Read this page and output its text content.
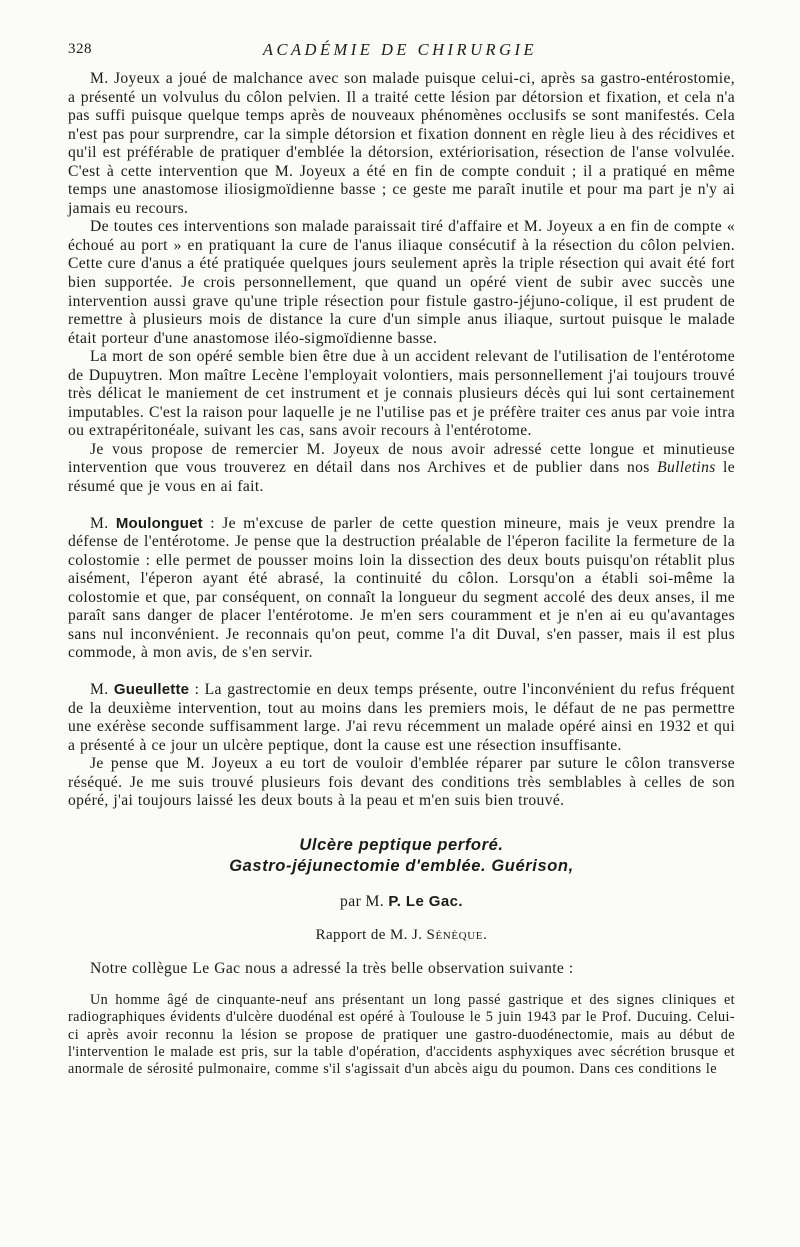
328	ACADÉMIE DE CHIRURGIE

M. Joyeux a joué de malchance avec son malade puisque celui-ci, après sa gastro-entérostomie, a présenté un volvulus du côlon pelvien. Il a traité cette lésion par détorsion et fixation, et cela n'a pas suffi puisque quelque temps après de nouveaux phénomènes occlusifs se sont manifestés. Cela n'est pas pour surprendre, car la simple détorsion et fixation donnent en règle lieu à des récidives et qu'il est préférable de pratiquer d'emblée la détorsion, extériorisation, résection de l'anse volvulée. C'est à cette intervention que M. Joyeux a été en fin de compte conduit ; il a pratiqué en même temps une anastomose iliosigmoïdienne basse ; ce geste me paraît inutile et pour ma part je n'y ai jamais eu recours.

De toutes ces interventions son malade paraissait tiré d'affaire et M. Joyeux a en fin de compte « échoué au port » en pratiquant la cure de l'anus iliaque consécutif à la résection du côlon pelvien. Cette cure d'anus a été pratiquée quelques jours seulement après la triple résection qui avait été fort bien supportée. Je crois personnellement, que quand un opéré vient de subir avec succès une intervention aussi grave qu'une triple résection pour fistule gastro-jéjuno-colique, il est prudent de remettre à plusieurs mois de distance la cure d'un simple anus iliaque, surtout puisque le malade était porteur d'une anastomose iléo-sigmoïdienne basse.

La mort de son opéré semble bien être due à un accident relevant de l'utilisation de l'entérotome de Dupuytren. Mon maître Lecène l'employait volontiers, mais personnellement j'ai toujours trouvé très délicat le maniement de cet instrument et je connais plusieurs décès qui lui sont certainement imputables. C'est la raison pour laquelle je ne l'utilise pas et je préfère traiter ces anus par voie intra ou extrapéritonéale, suivant les cas, sans avoir recours à l'entérotome.

Je vous propose de remercier M. Joyeux de nous avoir adressé cette longue et minutieuse intervention que vous trouverez en détail dans nos Archives et de publier dans nos Bulletins le résumé que je vous en ai fait.

M. Moulonguet : Je m'excuse de parler de cette question mineure, mais je veux prendre la défense de l'entérotome. Je pense que la destruction préalable de l'éperon facilite la fermeture de la colostomie : elle permet de pousser moins loin la dissection des deux bouts puisqu'on rétablit plus aisément, l'éperon ayant été abrasé, la continuité du côlon. Lorsqu'on a établi soi-même la colostomie et que, par conséquent, on connaît la longueur du segment accolé des deux anses, il me paraît sans danger de placer l'entérotome. Je m'en sers couramment et je n'en ai eu qu'avantages sans nul inconvénient. Je reconnais qu'on peut, comme l'a dit Duval, s'en passer, mais il est plus commode, à mon avis, de s'en servir.

M. Gueullette : La gastrectomie en deux temps présente, outre l'inconvénient du refus fréquent de la deuxième intervention, tout au moins dans les premiers mois, le défaut de ne pas permettre une exérèse seconde suffisamment large. J'ai revu récemment un malade opéré ainsi en 1932 et qui a présenté à ce jour un ulcère peptique, dont la cause est une résection insuffisante.

Je pense que M. Joyeux a eu tort de vouloir d'emblée réparer par suture le côlon transverse réséqué. Je me suis trouvé plusieurs fois devant des conditions très semblables à celles de son opéré, j'ai toujours laissé les deux bouts à la peau et m'en suis bien trouvé.

Ulcère peptique perforé.
Gastro-jéjunectomie d'emblée. Guérison,
par M. P. Le Gac.
Rapport de M. J. Sénèque.

Notre collègue Le Gac nous a adressé la très belle observation suivante :

Un homme âgé de cinquante-neuf ans présentant un long passé gastrique et des signes cliniques et radiographiques évidents d'ulcère duodénal est opéré à Toulouse le 5 juin 1943 par le Prof. Ducuing. Celui-ci après avoir reconnu la lésion se propose de pratiquer une gastro-duodénectomie, mais au début de l'intervention le malade est pris, sur la table d'opération, d'accidents asphyxiques avec sécrétion brusque et anormale de sérosité pulmonaire, comme s'il s'agissait d'un abcès aigu du poumon. Dans ces conditions le
